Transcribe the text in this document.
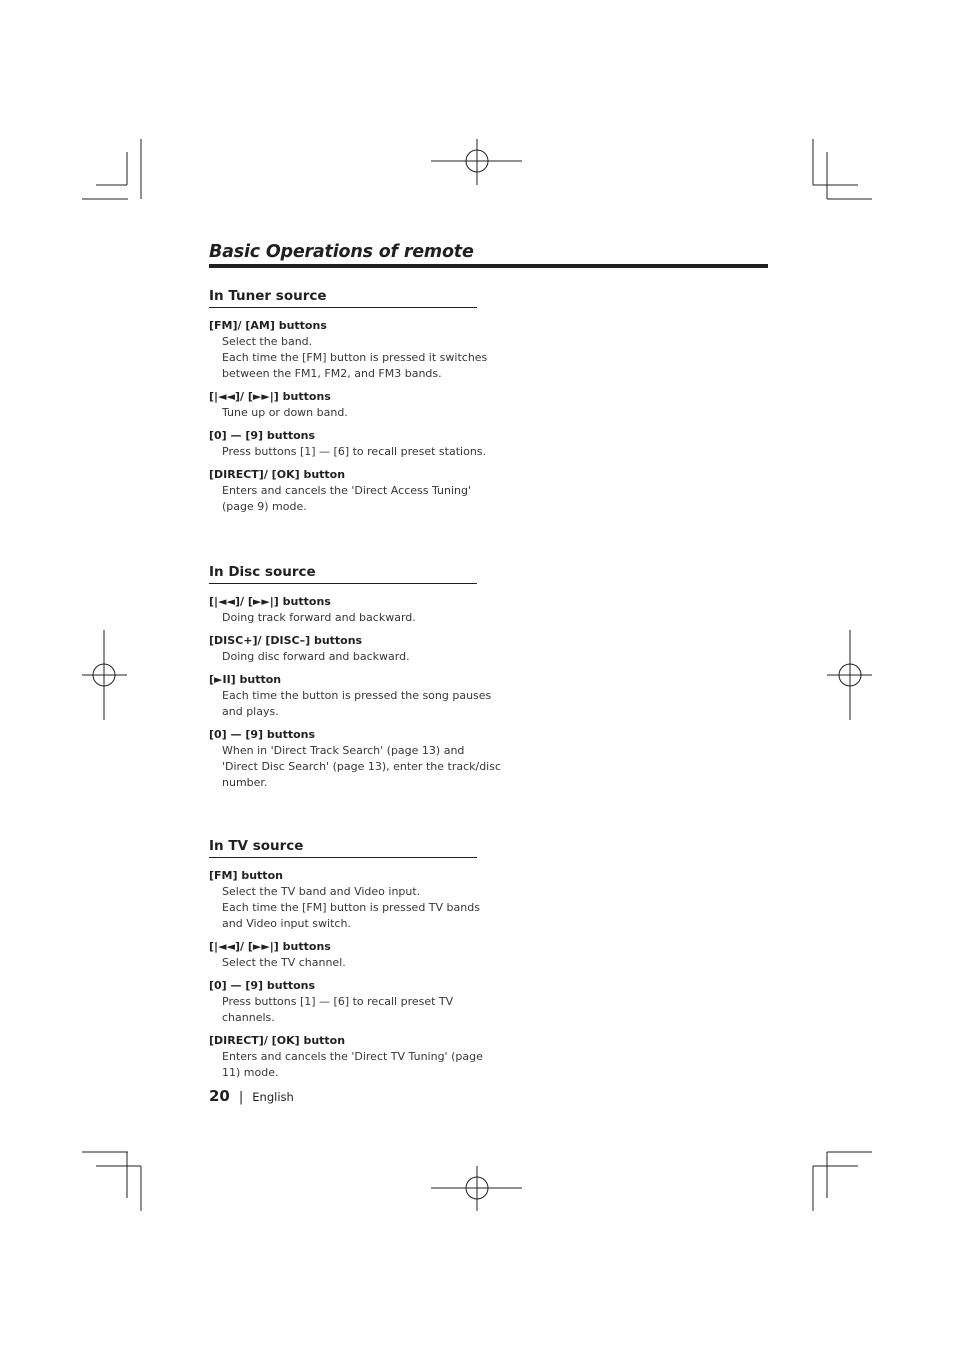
Basic Operations of remote
In Tuner source
[FM]/ [AM] buttons
Select the band.
Each time the [FM] button is pressed it switches
between the FM1, FM2, and FM3 bands.
[|◄◄]/ [►►|] buttons
Tune up or down band.
[0] — [9] buttons
Press buttons [1] — [6] to recall preset stations.
[DIRECT]/ [OK] button
Enters and cancels the 'Direct Access Tuning'
(page 9) mode.
In Disc source
[|◄◄]/ [►►|] buttons
Doing track forward and backward.
[DISC+]/ [DISC–] buttons
Doing disc forward and backward.
[►II] button
Each time the button is pressed the song pauses
and plays.
[0] — [9] buttons
When in 'Direct Track Search' (page 13) and
'Direct Disc Search' (page 13), enter the track/disc
number.
In TV source
[FM] button
Select the TV band and Video input.
Each time the [FM] button is pressed TV bands
and Video input switch.
[|◄◄]/ [►►|] buttons
Select the TV channel.
[0] — [9] buttons
Press buttons [1] — [6] to recall preset TV
channels.
[DIRECT]/ [OK] button
Enters and cancels the 'Direct TV Tuning' (page
11) mode.
20 | English
